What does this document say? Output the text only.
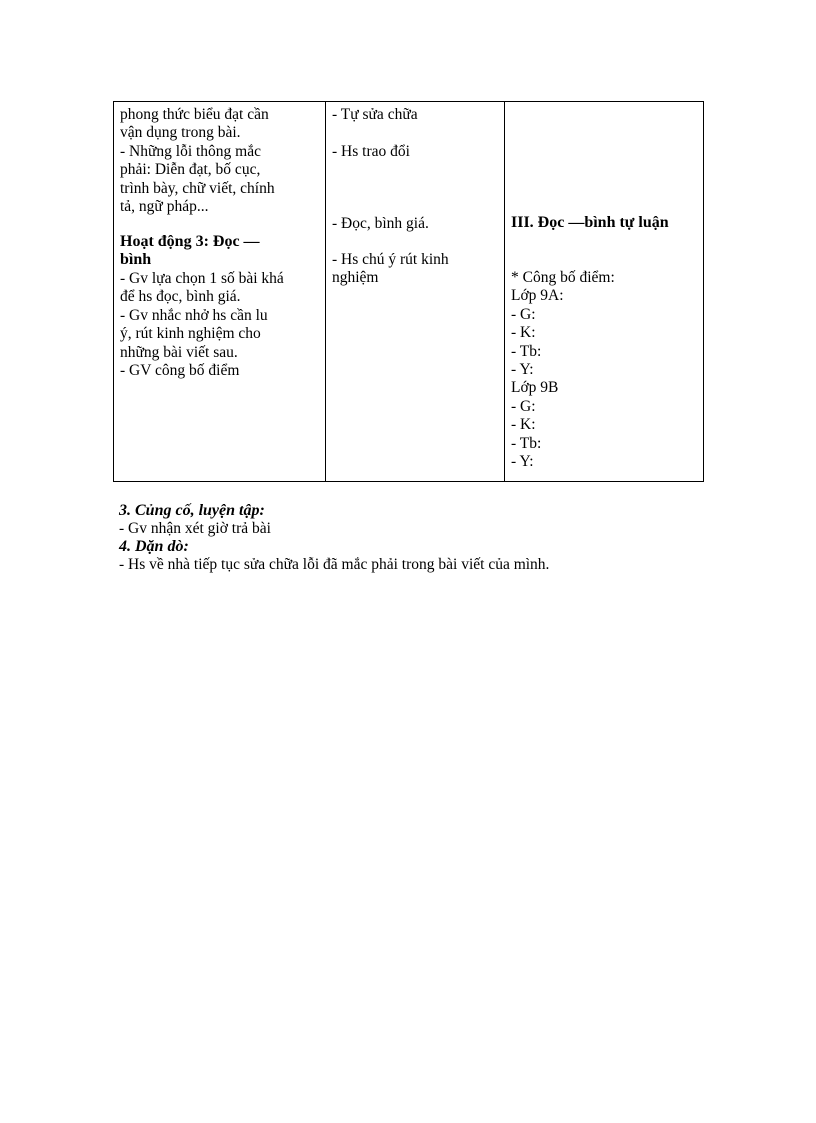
phong thức biểu đạt cần
vận dụng trong bài.
- Những lỗi thông mắc
phải: Diễn đạt, bố cục,
trình bày, chữ viết, chính
tả, ngữ pháp...
Hoạt động 3: Đọc —
bình
- Gv lựa chọn 1 số bài khá
để hs đọc, bình giá.
- Gv nhắc nhở hs cần lu
ý, rút kinh nghiệm cho
những bài viết sau.
- GV công bố điểm
- Tự sửa chữa
- Hs trao đổi
- Đọc, bình giá.
- Hs chú ý rút kinh
nghiệm
III. Đọc —bình tự luận
* Công bố điểm:
Lớp 9A:
- G:
- K:
- Tb:
- Y:
Lớp 9B
- G:
- K:
- Tb:
- Y:
3. Củng cố, luyện tập:
- Gv nhận xét giờ trả bài
4. Dặn dò:
- Hs về nhà tiếp tục sửa chữa lỗi đã mắc phải trong bài viết của mình.
